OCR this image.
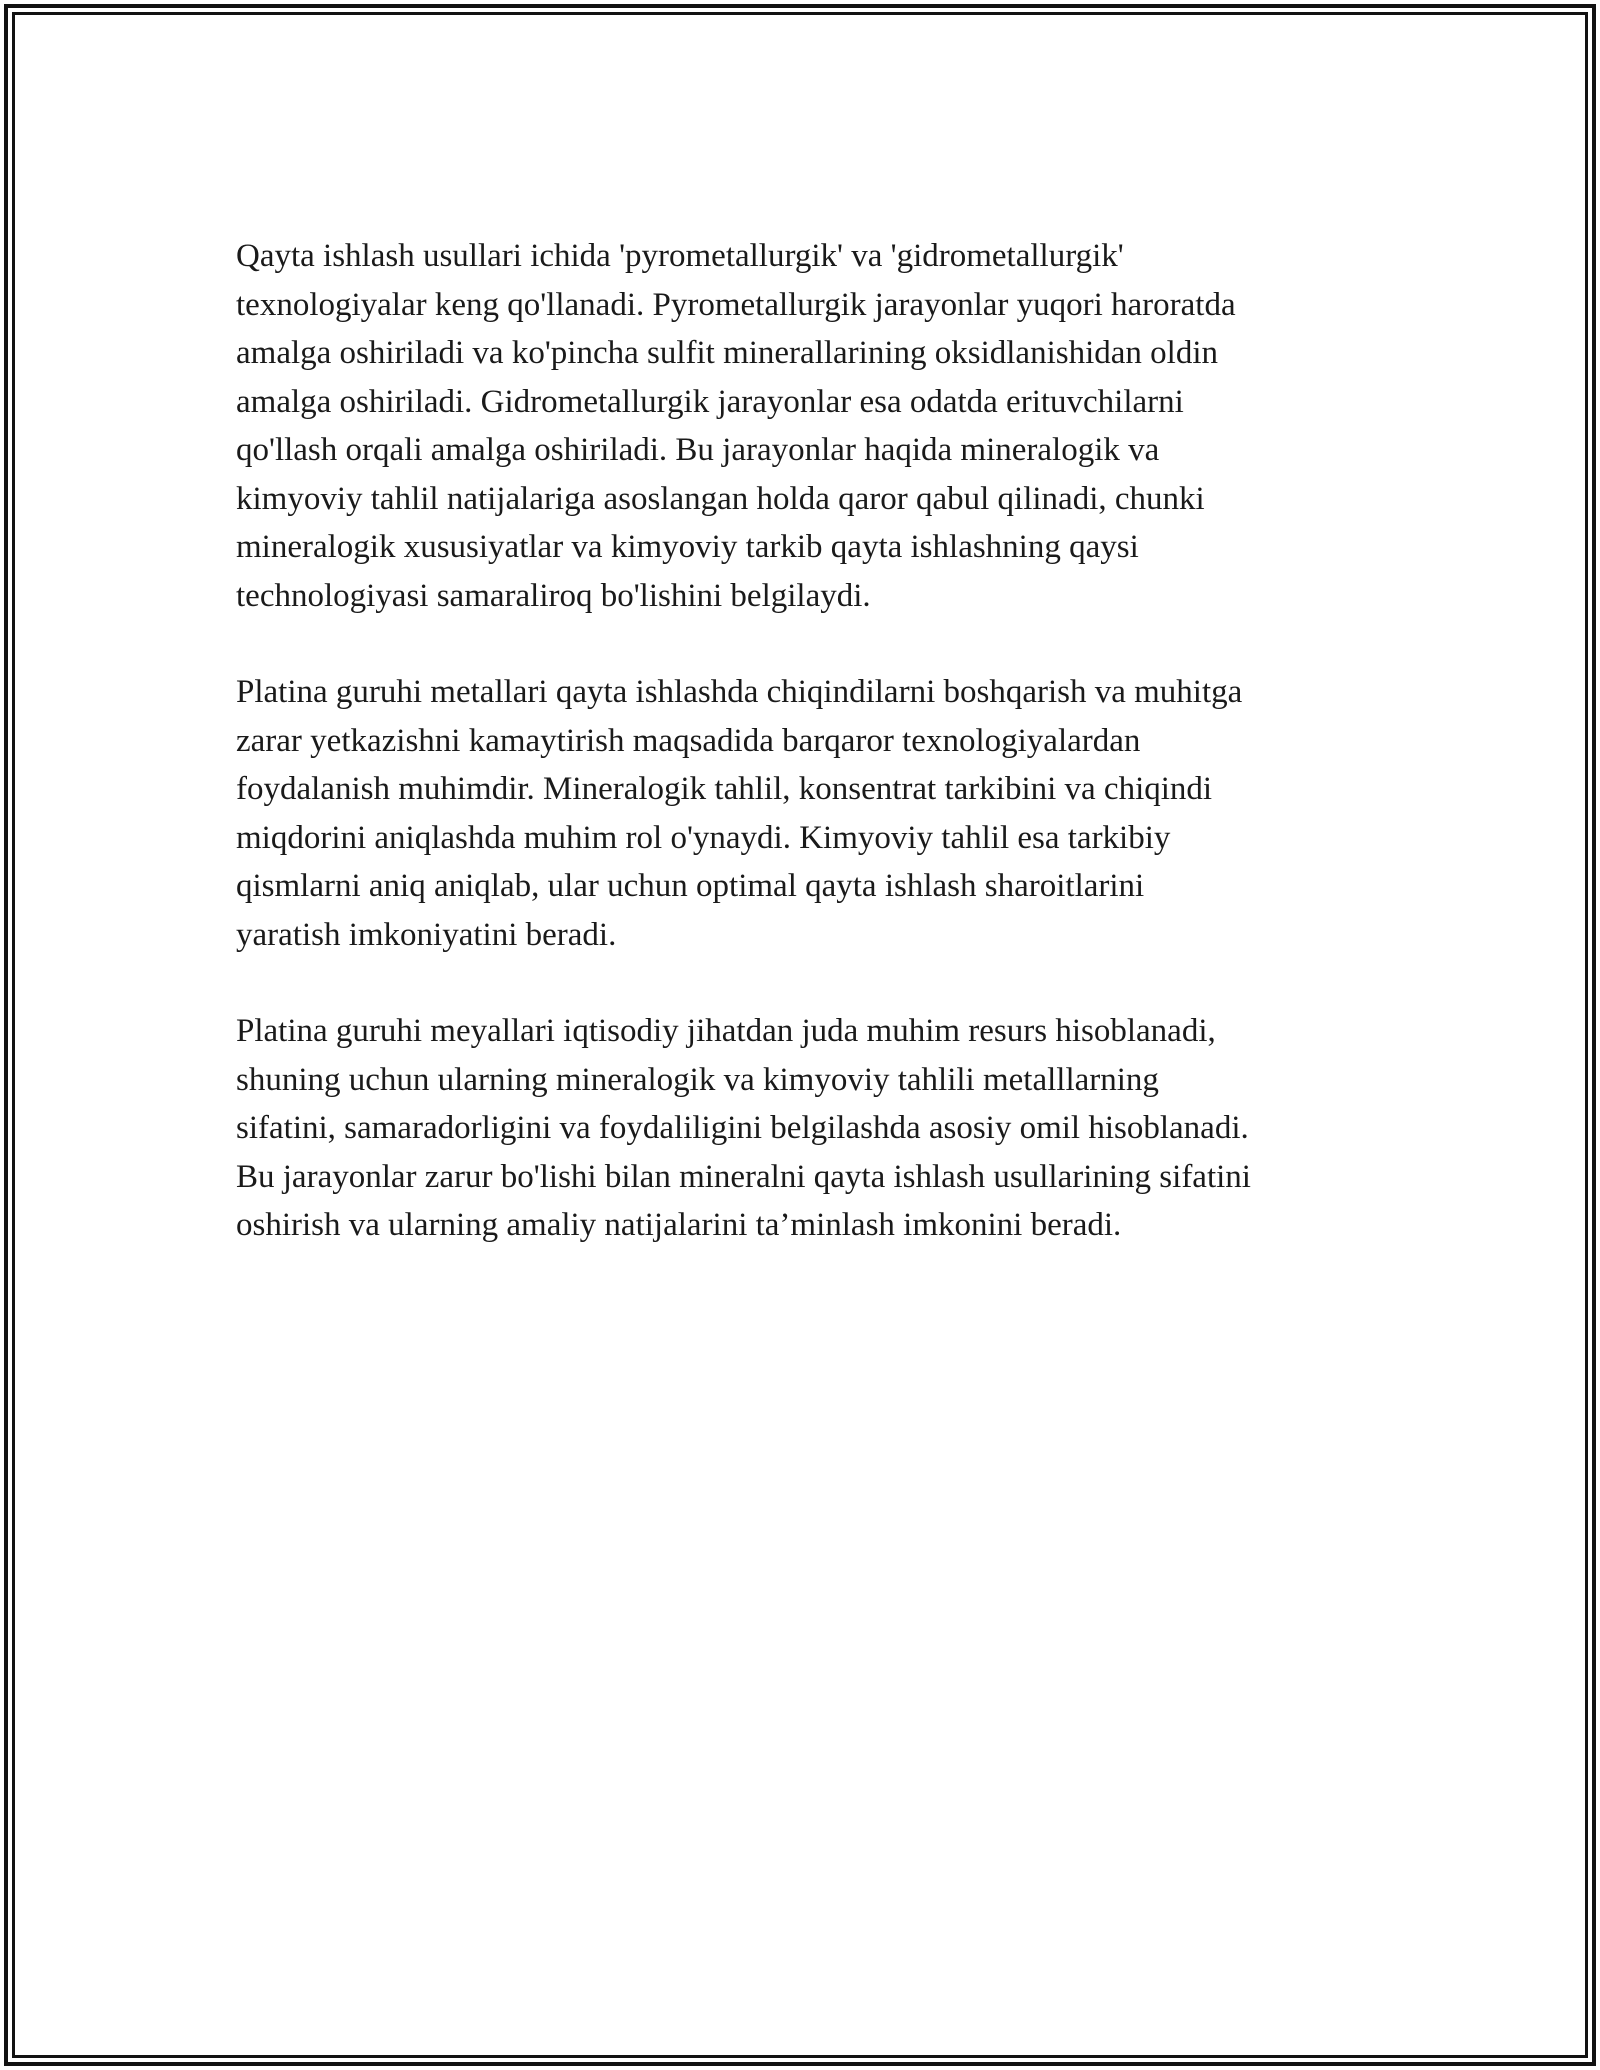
Qayta ishlash usullari ichida 'pyrometallurgik' va 'gidrometallurgik'
texnologiyalar keng qo'llanadi. Pyrometallurgik jarayonlar yuqori haroratda
amalga oshiriladi va ko'pincha sulfit minerallarining oksidlanishidan oldin
amalga oshiriladi. Gidrometallurgik jarayonlar esa odatda erituvchilarni
qo'llash orqali amalga oshiriladi. Bu jarayonlar haqida mineralogik va
kimyoviy tahlil natijalariga asoslangan holda qaror qabul qilinadi, chunki
mineralogik xususiyatlar va kimyoviy tarkib qayta ishlashning qaysi
technologiyasi samaraliroq bo'lishini belgilaydi.

Platina guruhi metallari qayta ishlashda chiqindilarni boshqarish va muhitga
zarar yetkazishni kamaytirish maqsadida barqaror texnologiyalardan
foydalanish muhimdir. Mineralogik tahlil, konsentrat tarkibini va chiqindi
miqdorini aniqlashda muhim rol o'ynaydi. Kimyoviy tahlil esa tarkibiy
qismlarni aniq aniqlab, ular uchun optimal qayta ishlash sharoitlarini
yaratish imkoniyatini beradi.

Platina guruhi meyallari iqtisodiy jihatdan juda muhim resurs hisoblanadi,
shuning uchun ularning mineralogik va kimyoviy tahlili metalllarning
sifatini, samaradorligini va foydaliligini belgilashda asosiy omil hisoblanadi.
Bu jarayonlar zarur bo'lishi bilan mineralni qayta ishlash usullarining sifatini
oshirish va ularning amaliy natijalarini ta’minlash imkonini beradi.
